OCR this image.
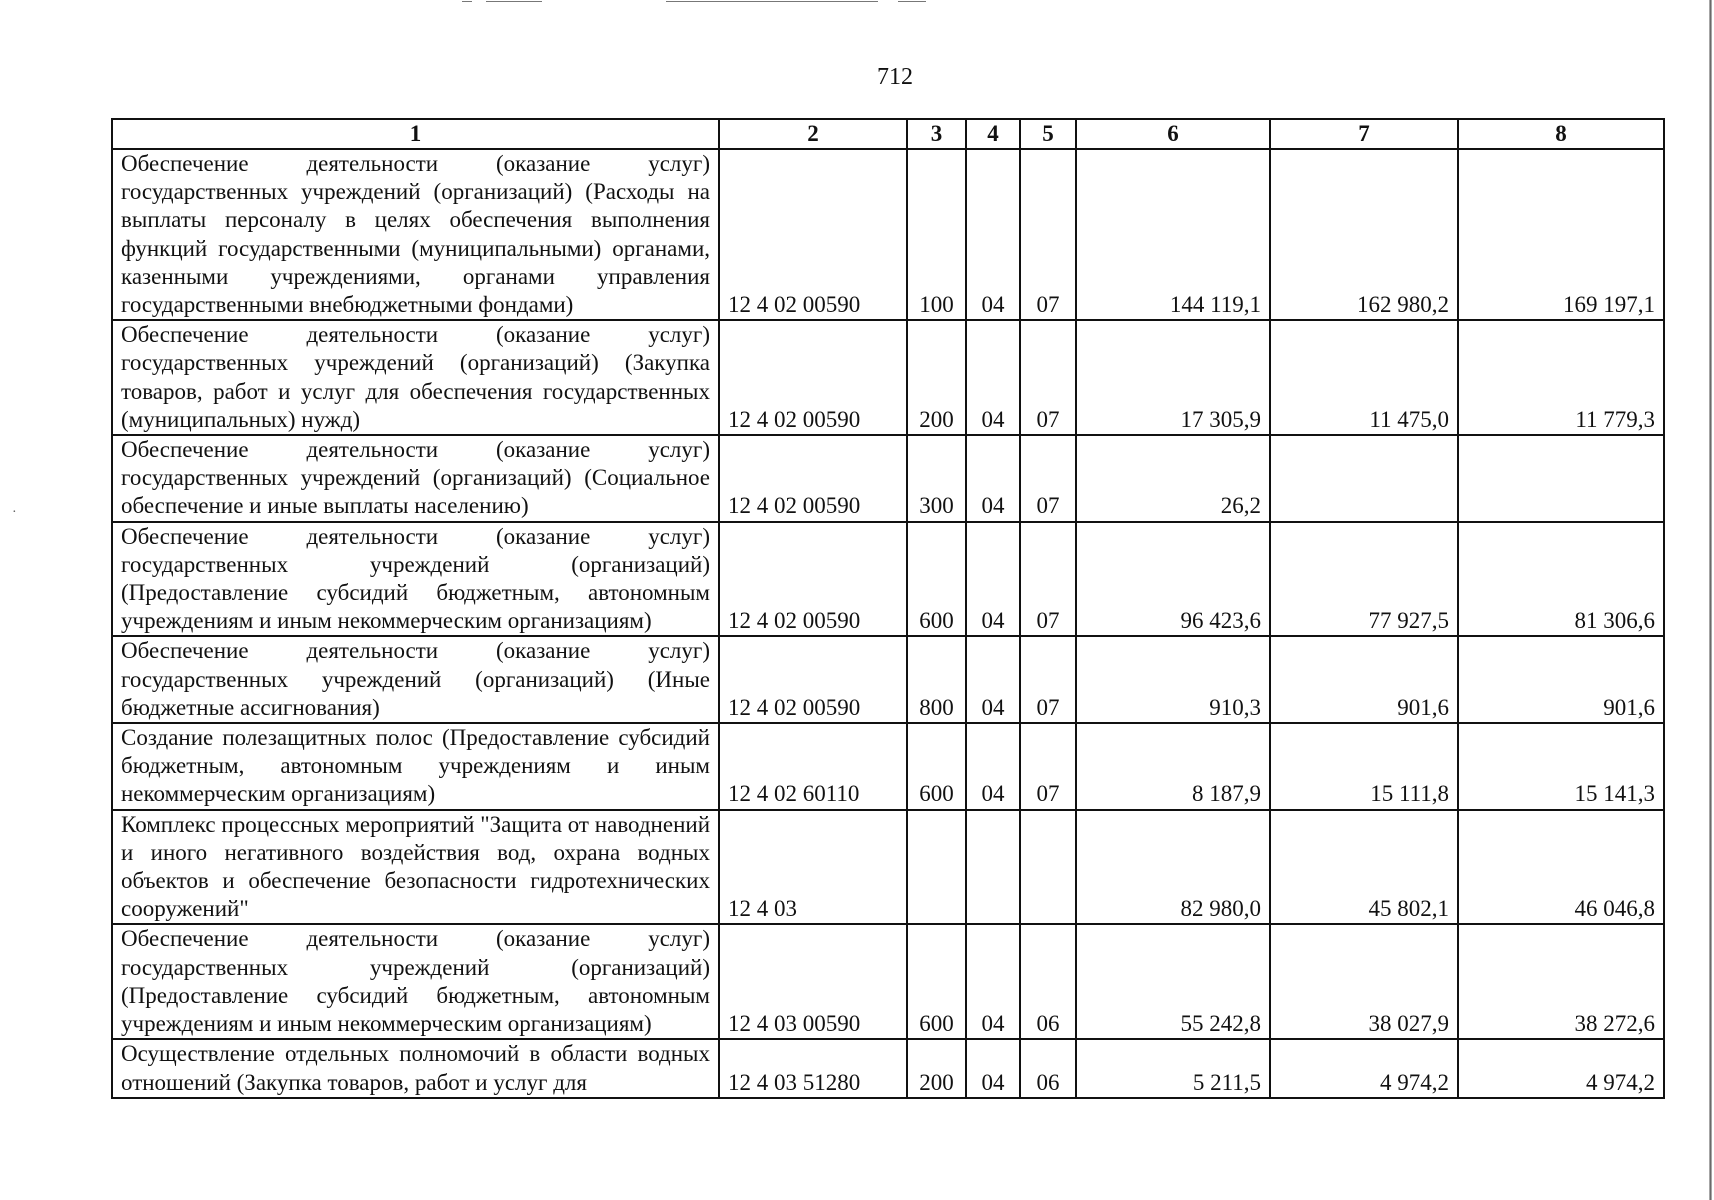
·
712
1	2	3	4	5	6	7	8
Обеспечение деятельности (оказание услуг) государственных учреждений (организаций) (Расходы на выплаты персоналу в целях обеспечения выполнения функций государственными (муниципальными) органами, казенными учреждениями, органами управления государственными внебюджетными фондами)	12 4 02 00590	100	04	07	144 119,1	162 980,2	169 197,1
Обеспечение деятельности (оказание услуг) государственных учреждений (организаций) (Закупка товаров, работ и услуг для обеспечения государственных (муниципальных) нужд)	12 4 02 00590	200	04	07	17 305,9	11 475,0	11 779,3
Обеспечение деятельности (оказание услуг) государственных учреждений (организаций) (Социальное обеспечение и иные выплаты населению)	12 4 02 00590	300	04	07	26,2		
Обеспечение деятельности (оказание услуг) государственных учреждений (организаций) (Предоставление субсидий бюджетным, автономным учреждениям и иным некоммерческим организациям)	12 4 02 00590	600	04	07	96 423,6	77 927,5	81 306,6
Обеспечение деятельности (оказание услуг) государственных учреждений (организаций) (Иные бюджетные ассигнования)	12 4 02 00590	800	04	07	910,3	901,6	901,6
Создание полезащитных полос (Предоставление субсидий бюджетным, автономным учреждениям и иным некоммерческим организациям)	12 4 02 60110	600	04	07	8 187,9	15 111,8	15 141,3
Комплекс процессных мероприятий "Защита от наводнений и иного негативного воздействия вод, охрана водных объектов и обеспечение безопасности гидротехнических сооружений"	12 4 03				82 980,0	45 802,1	46 046,8
Обеспечение деятельности (оказание услуг) государственных учреждений (организаций) (Предоставление субсидий бюджетным, автономным учреждениям и иным некоммерческим организациям)	12 4 03 00590	600	04	06	55 242,8	38 027,9	38 272,6
Осуществление отдельных полномочий в области водных отношений (Закупка товаров, работ и услуг для	12 4 03 51280	200	04	06	5 211,5	4 974,2	4 974,2
